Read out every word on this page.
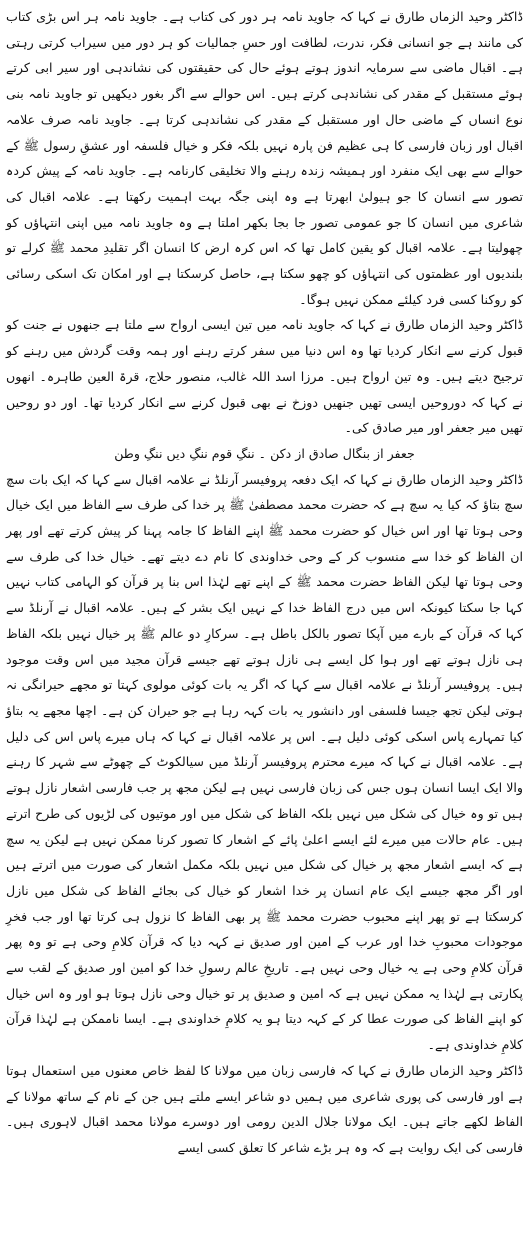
ڈاکٹر وحید الزماں طارق نے کہا کہ جاوید نامہ ہر دور کی کتاب ہے۔ جاوید نامہ ہر اس بڑی کتاب کی مانند ہے جو انسانی فکر، ندرت، لطافت اور حسِ جمالیات کو ہر دور میں سیراب کرتی رہتی ہے۔ اقبال ماضی سے سرمایہ اندوز ہوتے ہوئے حال کی حقیقتوں کی نشاندہی اور سیر ابی کرتے ہوئے مستقبل کے مقدر کی نشاندہی کرتے ہیں۔ اس حوالے سے اگر بغور دیکھیں تو جاوید نامہ بنی نوع انساں کے ماضی حال اور مستقبل کے مقدر کی نشاندہی کرتا ہے۔ جاوید نامہ صرف علامہ اقبال اور زبان فارسی کا ہی عظیم فن پارہ نہیں بلکہ فکر و خیال فلسفہ اور عشقِ رسول ﷺ کے حوالے سے بھی ایک منفرد اور ہمیشہ زندہ رہنے والا تخلیقی کارنامہ ہے۔ جاوید نامہ کے پیش کردہ تصور سے انسان کا جو ہیولیٰ ابھرتا ہے وہ اپنی جگہ بہت اہمیت رکھتا ہے۔ علامہ اقبال کی شاعری میں انسان کا جو عمومی تصور جا بجا بکھر املتا ہے وہ جاوید نامہ میں اپنی انتہاؤں کو چھولیتا ہے۔ علامہ اقبال کو یقین کامل تھا کہ اس کرہ ارض کا انسان اگر تقلیدِ محمد ﷺ کرلے تو بلندیوں اور عظمتوں کی انتہاؤں کو چھو سکتا ہے، حاصل کرسکتا ہے اور امکان تک اسکی رسائی کو روکنا کسی فرد کیلئے ممکن نہیں ہوگا۔

ڈاکٹر وحید الزماں طارق نے کہا کہ جاوید نامہ میں تین ایسی ارواح سے ملتا ہے جنھوں نے جنت کو قبول کرنے سے انکار کردیا تھا وہ اس دنیا میں سفر کرتے رہنے اور ہمہ وقت گردش میں رہنے کو ترجیح دیتے ہیں۔ وہ تین ارواح ہیں۔ مرزا اسد اللہ غالب، منصور حلاج، قرۃ العین طاہرہ۔ انھوں نے کہا کہ دوروحیں ایسی تھیں جنھیں دوزخ نے بھی قبول کرنے سے انکار کردیا تھا۔ اور دو روحیں تھیں میر جعفر اور میر صادق کی۔

جعفر از بنگال صادق از دکن ۔ ننگِ قوم ننگِ دیں ننگِ وطن

ڈاکٹر وحید الزماں طارق نے کہا کہ ایک دفعہ پروفیسر آرنلڈ نے علامہ اقبال سے کہا کہ ایک بات سچ سچ بتاؤ کہ کیا یہ سچ ہے کہ حضرت محمد مصطفیٰ ﷺ پر خدا کی طرف سے الفاظ میں ایک خیال وحی ہوتا تھا اور اس خیال کو حضرت محمد ﷺ اپنے الفاظ کا جامہ پہنا کر پیش کرتے تھے اور پھر ان الفاظ کو خدا سے منسوب کر کے وحی خداوندی کا نام دے دیتے تھے۔ خیال خدا کی طرف سے وحی ہوتا تھا لیکن الفاظ حضرت محمد ﷺ کے اپنے تھے لہٰذا اس بنا پر قرآن کو الہامی کتاب نہیں کہا جا سکتا کیونکہ اس میں درج الفاظ خدا کے نہیں ایک بشر کے ہیں۔ علامہ اقبال نے آرنلڈ سے کہا کہ قرآن کے بارے میں آپکا تصور بالکل باطل ہے۔ سرکارِ دو عالم ﷺ پر خیال نہیں بلکہ الفاظ ہی نازل ہوتے تھے اور ہوا کل ایسے ہی نازل ہوتے تھے جیسے قرآن مجید میں اس وقت موجود ہیں۔ پروفیسر آرنلڈ نے علامہ اقبال سے کہا کہ اگر یہ بات کوئی مولوی کہتا تو مجھے حیرانگی نہ ہوتی لیکن تجھ جیسا فلسفی اور دانشور یہ بات کہہ رہا ہے جو حیران کن ہے۔ اچھا مجھے یہ بتاؤ کیا تمہارے پاس اسکی کوئی دلیل ہے۔ اس پر علامہ اقبال نے کہا کہ ہاں میرے پاس اس کی دلیل ہے۔ علامہ اقبال نے کہا کہ میرے محترم پروفیسر آرنلڈ میں سیالکوٹ کے چھوٹے سے شہر کا رہنے والا ایک ایسا انسان ہوں جس کی زبان فارسی نہیں ہے لیکن مجھ پر جب فارسی اشعار نازل ہوتے ہیں تو وہ خیال کی شکل میں نہیں بلکہ الفاظ کی شکل میں اور موتیوں کی لڑیوں کی طرح اترتے ہیں۔ عام حالات میں میرے لئے ایسے اعلیٰ پائے کے اشعار کا تصور کرنا ممکن نہیں ہے لیکن یہ سچ ہے کہ ایسے اشعار مجھ پر خیال کی شکل میں نہیں بلکہ مکمل اشعار کی صورت میں اترتے ہیں اور اگر مجھ جیسے ایک عام انسان پر خدا اشعار کو خیال کی بجائے الفاظ کی شکل میں نازل کرسکتا ہے تو پھر اپنے محبوب حضرت محمد ﷺ پر بھی الفاظ کا نزول ہی کرتا تھا اور جب فخرِ موجودات محبوبِ خدا اور عرب کے امین اور صدیق نے کہہ دیا کہ قرآن کلامِ وحی ہے تو وہ پھر قرآن کلامِ وحی ہے یہ خیال وحی نہیں ہے۔ تاریخِ عالم رسولِ خدا کو امین اور صدیق کے لقب سے پکارتی ہے لہٰذا یہ ممکن نہیں ہے کہ امین و صدیق پر تو خیال وحی نازل ہوتا ہو اور وہ اس خیال کو اپنے الفاظ کی صورت عطا کر کے کہہ دیتا ہو یہ کلامِ خداوندی ہے۔ ایسا ناممکن ہے لہٰذا قرآن کلامِ خداوندی ہے۔

ڈاکٹر وحید الزماں طارق نے کہا کہ فارسی زبان میں مولانا کا لفظ خاص معنوں میں استعمال ہوتا ہے اور فارسی کی پوری شاعری میں ہمیں دو شاعر ایسے ملتے ہیں جن کے نام کے ساتھ مولانا کے الفاظ لکھے جاتے ہیں۔ ایک مولانا جلال الدین رومی اور دوسرے مولانا محمد اقبال لاہوری ہیں۔ فارسی کی ایک روایت ہے کہ وہ ہر بڑے شاعر کا تعلق کسی ایسے
